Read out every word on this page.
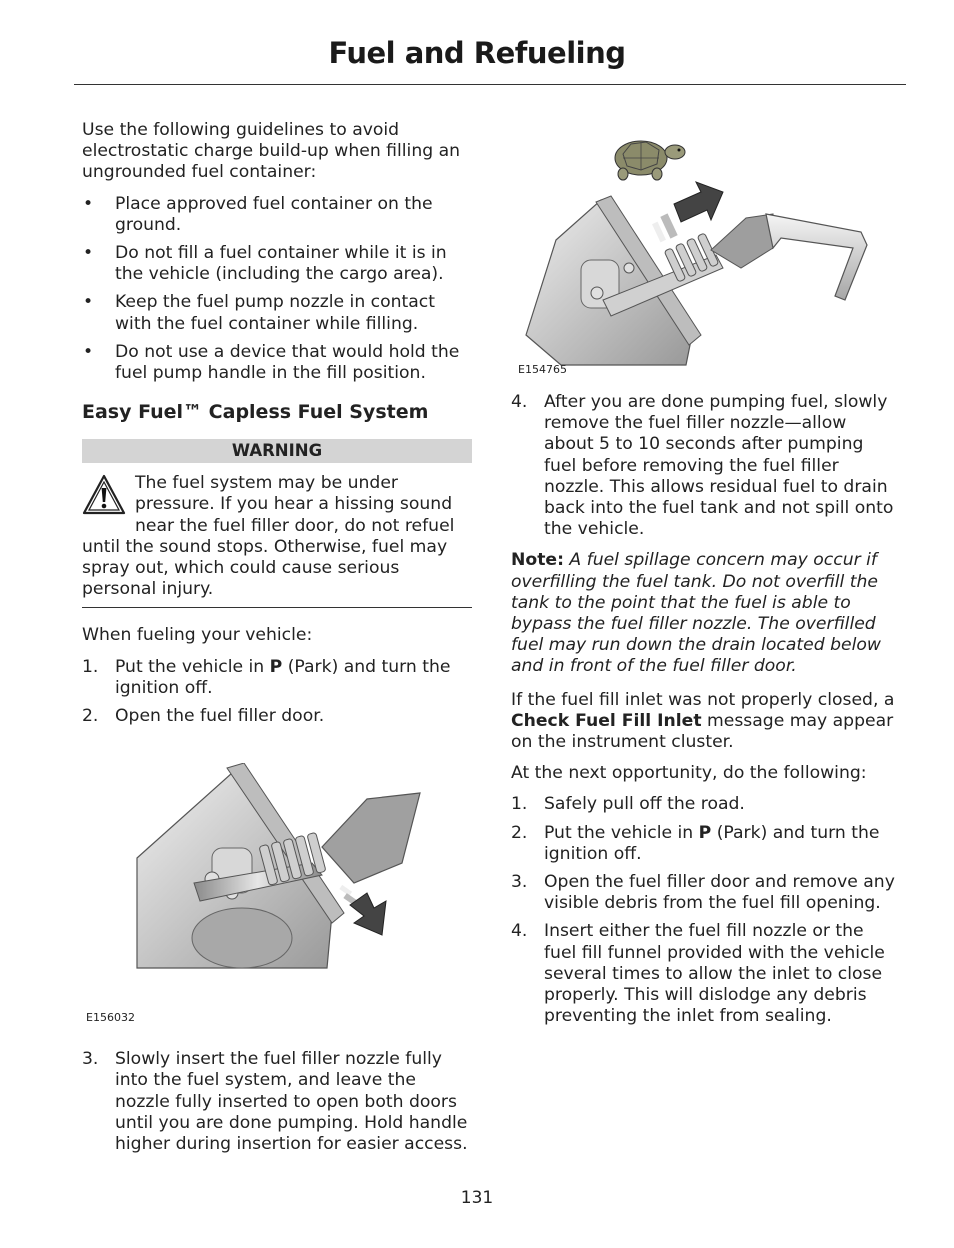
Fuel and Refueling

Use the following guidelines to avoid electrostatic charge build-up when filling an ungrounded fuel container:

• Place approved fuel container on the ground.
• Do not fill a fuel container while it is in the vehicle (including the cargo area).
• Keep the fuel pump nozzle in contact with the fuel container while filling.
• Do not use a device that would hold the fuel pump handle in the fill position.
Easy Fuel™ Capless Fuel System
WARNING
The fuel system may be under pressure. If you hear a hissing sound near the fuel filler door, do not refuel until the sound stops. Otherwise, fuel may spray out, which could cause serious personal injury.

When fueling your vehicle:

1. Put the vehicle in P (Park) and turn the ignition off.
2. Open the fuel filler door.
E156032
3. Slowly insert the fuel filler nozzle fully into the fuel system, and leave the nozzle fully inserted to open both doors until you are done pumping. Hold handle higher during insertion for easier access.
E154765
4. After you are done pumping fuel, slowly remove the fuel filler nozzle—allow about 5 to 10 seconds after pumping fuel before removing the fuel filler nozzle. This allows residual fuel to drain back into the fuel tank and not spill onto the vehicle.

Note: A fuel spillage concern may occur if overfilling the fuel tank. Do not overfill the tank to the point that the fuel is able to bypass the fuel filler nozzle. The overfilled fuel may run down the drain located below and in front of the fuel filler door.

If the fuel fill inlet was not properly closed, a Check Fuel Fill Inlet message may appear on the instrument cluster.

At the next opportunity, do the following:

1. Safely pull off the road.
2. Put the vehicle in P (Park) and turn the ignition off.
3. Open the fuel filler door and remove any visible debris from the fuel fill opening.
4. Insert either the fuel fill nozzle or the fuel fill funnel provided with the vehicle several times to allow the inlet to close properly. This will dislodge any debris preventing the inlet from sealing.
131
